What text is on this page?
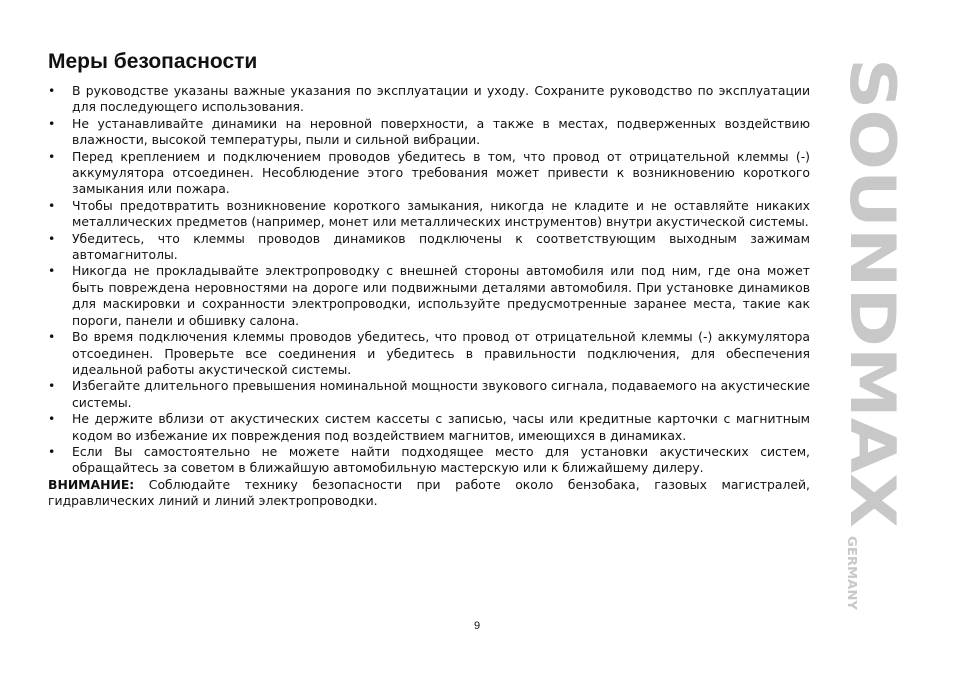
Меры безопасности
• В руководстве указаны важные указания по эксплуатации и уходу. Сохраните руководство по эксплуатации для последующего использования.
• Не устанавливайте динамики на неровной поверхности, а также в местах, подверженных воздействию влажности, высокой температуры, пыли и сильной вибрации.
• Перед креплением и подключением проводов убедитесь в том, что провод от отрицательной клеммы (-) аккумулятора отсоединен. Несоблюдение этого требования может привести к возникновению короткого замыкания или пожара.
• Чтобы предотвратить возникновение короткого замыкания, никогда не кладите и не оставляйте никаких металлических предметов (например, монет или металлических инструментов) внутри акустической системы.
• Убедитесь, что клеммы проводов динамиков подключены к соответствующим выходным зажимам автомагнитолы.
• Никогда не прокладывайте электропроводку с внешней стороны автомобиля или под ним, где она может быть повреждена неровностями на дороге или подвижными деталями автомобиля. При установке динамиков для маскировки и сохранности электропроводки, используйте предусмотренные заранее места, такие как пороги, панели и обшивку салона.
• Во время подключения клеммы проводов убедитесь, что провод от отрицательной клеммы (-) аккумулятора отсоединен. Проверьте все соединения и убедитесь в правильности подключения, для обеспечения идеальной работы акустической системы.
• Избегайте длительного превышения номинальной мощности звукового сигнала, подаваемого на акустические системы.
• Не держите вблизи от акустических систем кассеты с записью, часы или кредитные карточки с магнитным кодом во избежание их повреждения под воздействием магнитов, имеющихся в динамиках.
• Если Вы самостоятельно не можете найти подходящее место для установки акустических систем, обращайтесь за советом в ближайшую автомобильную мастерскую или к ближайшему дилеру.

ВНИМАНИЕ: Соблюдайте технику безопасности при работе около бензобака, газовых магистралей, гидравлических линий и линий электропроводки.

SOUNDMAX
GERMANY
9
